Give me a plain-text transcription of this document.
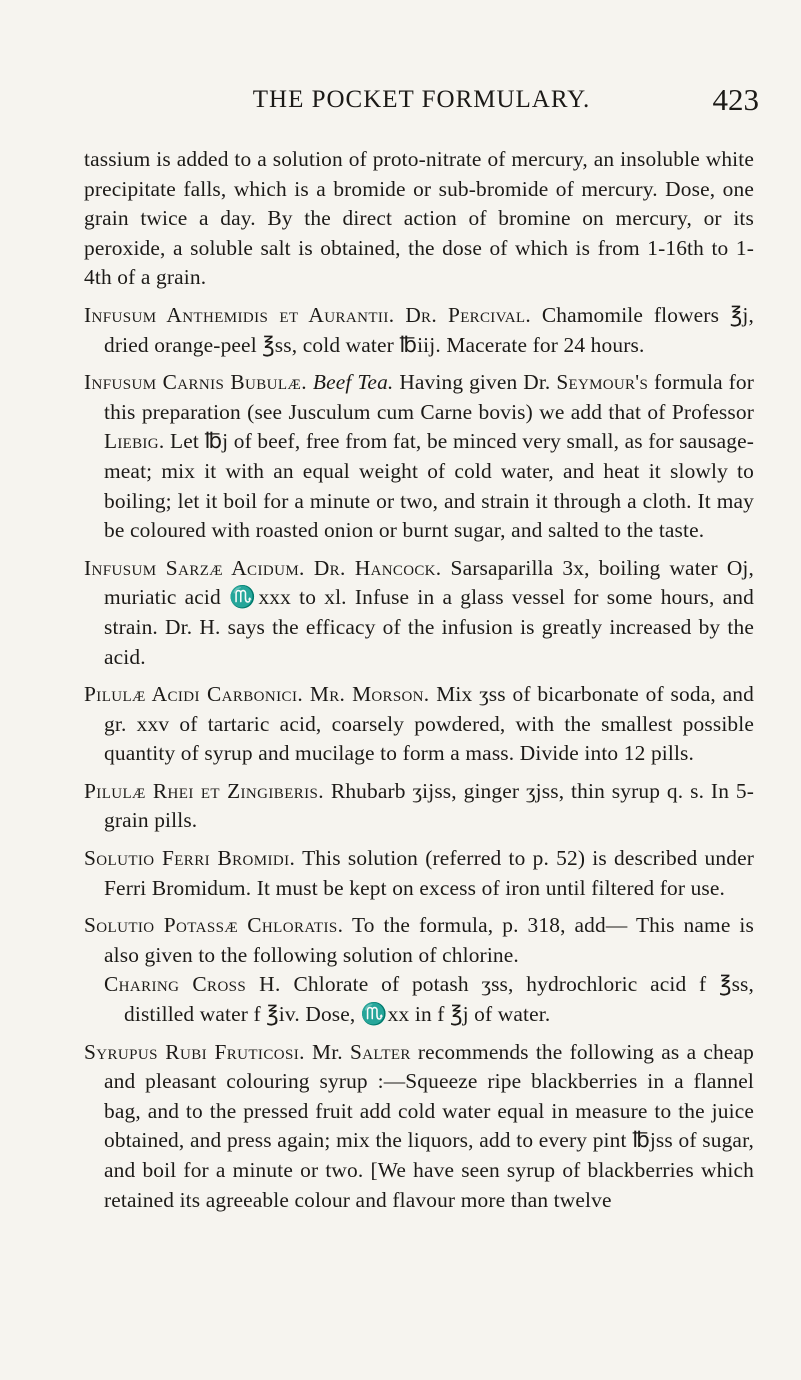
THE POCKET FORMULARY.	423

tassium is added to a solution of proto-nitrate of mercury, an insoluble white precipitate falls, which is a bromide or sub-bromide of mercury. Dose, one grain twice a day. By the direct action of bromine on mercury, or its peroxide, a soluble salt is obtained, the dose of which is from 1-16th to 1-4th of a grain.

Infusum Anthemidis et Aurantii. Dr. Percival. Chamomile flowers ℥j, dried orange-peel ℥ss, cold water ℔iij. Macerate for 24 hours.

Infusum Carnis Bubulæ. Beef Tea. Having given Dr. Seymour's formula for this preparation (see Jusculum cum Carne bovis) we add that of Professor Liebig. Let ℔j of beef, free from fat, be minced very small, as for sausage-meat; mix it with an equal weight of cold water, and heat it slowly to boiling; let it boil for a minute or two, and strain it through a cloth. It may be coloured with roasted onion or burnt sugar, and salted to the taste.

Infusum Sarzæ Acidum. Dr. Hancock. Sarsaparilla 3x, boiling water Oj, muriatic acid ♏xxx to xl. Infuse in a glass vessel for some hours, and strain. Dr. H. says the efficacy of the infusion is greatly increased by the acid.

Pilulæ Acidi Carbonici. Mr. Morson. Mix ʒss of bicarbonate of soda, and gr. xxv of tartaric acid, coarsely powdered, with the smallest possible quantity of syrup and mucilage to form a mass. Divide into 12 pills.

Pilulæ Rhei et Zingiberis. Rhubarb ʒijss, ginger ʒjss, thin syrup q. s. In 5-grain pills.

Solutio Ferri Bromidi. This solution (referred to p. 52) is described under Ferri Bromidum. It must be kept on excess of iron until filtered for use.

Solutio Potassæ Chloratis. To the formula, p. 318, add— This name is also given to the following solution of chlorine.

Charing Cross H. Chlorate of potash ʒss, hydrochloric acid f ℥ss, distilled water f ℥iv. Dose, ♏xx in f ℥j of water.

Syrupus Rubi Fruticosi. Mr. Salter recommends the following as a cheap and pleasant colouring syrup :—Squeeze ripe blackberries in a flannel bag, and to the pressed fruit add cold water equal in measure to the juice obtained, and press again; mix the liquors, add to every pint ℔jss of sugar, and boil for a minute or two. [We have seen syrup of blackberries which retained its agreeable colour and flavour more than twelve
